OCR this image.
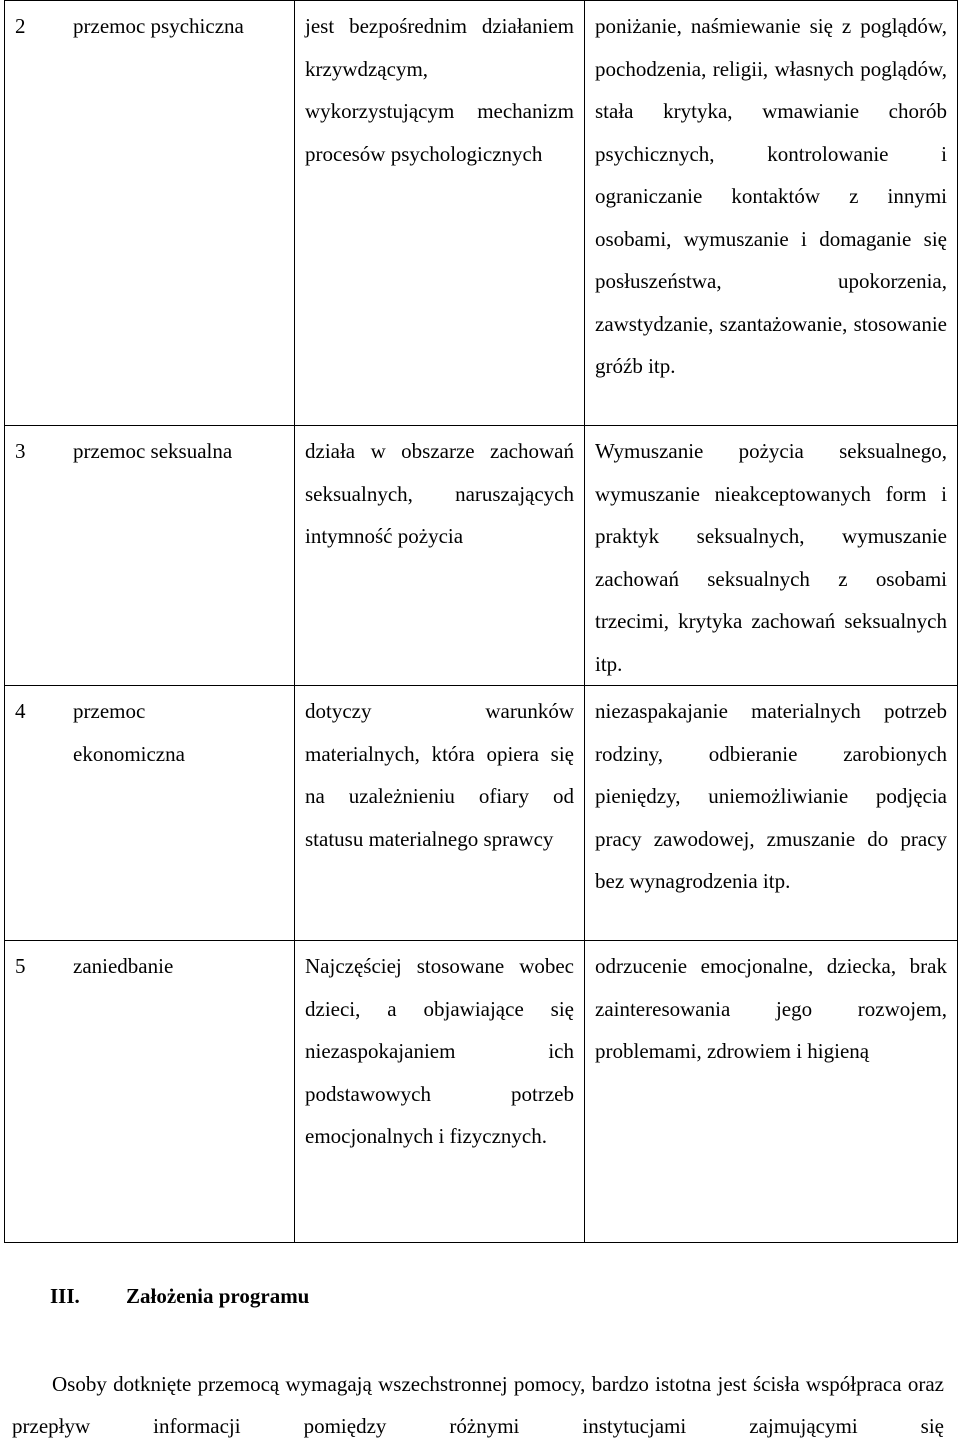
2 przemoc psychiczna	jest bezpośrednim działaniem krzywdzącym, wykorzystującym mechanizm procesów psychologicznych	poniżanie, naśmiewanie się z poglądów, pochodzenia, religii, własnych poglądów, stała krytyka, wmawianie chorób psychicznych, kontrolowanie i ograniczanie kontaktów z innymi osobami, wymuszanie i domaganie się posłuszeństwa, upokorzenia, zawstydzanie, szantażowanie, stosowanie gróźb itp.

3 przemoc seksualna	działa w obszarze zachowań seksualnych, naruszających intymność pożycia	Wymuszanie pożycia seksualnego, wymuszanie nieakceptowanych form i praktyk seksualnych, wymuszanie zachowań seksualnych z osobami trzecimi, krytyka zachowań seksualnych itp.

4 przemoc ekonomiczna	dotyczy warunków materialnych, która opiera się na uzależnieniu ofiary od statusu materialnego sprawcy	niezaspakajanie materialnych potrzeb rodziny, odbieranie zarobionych pieniędzy, uniemożliwianie podjęcia pracy zawodowej, zmuszanie do pracy bez wynagrodzenia itp.

5 zaniedbanie	Najczęściej stosowane wobec dzieci, a objawiające się niezaspokajaniem ich podstawowych potrzeb emocjonalnych i fizycznych.	odrzucenie emocjonalne, dziecka, brak zainteresowania jego rozwojem, problemami, zdrowiem i higieną
III. Założenia programu
Osoby dotknięte przemocą wymagają wszechstronnej pomocy, bardzo istotna jest ścisła współpraca oraz przepływ informacji pomiędzy różnymi instytucjami zajmującymi się
